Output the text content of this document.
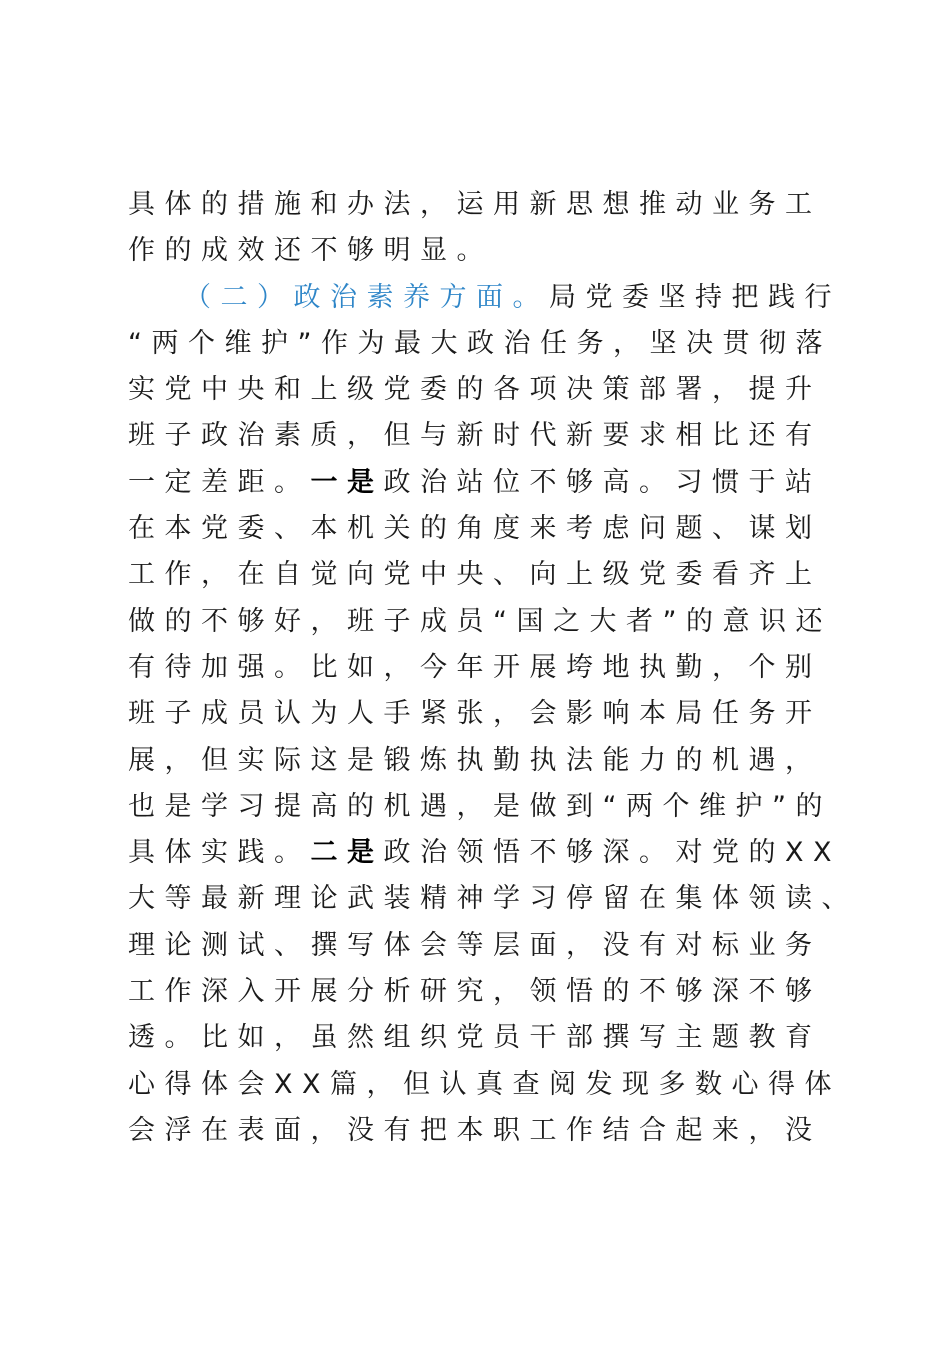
具体的措施和办法，运用新思想推动业务工
作的成效还不够明显。
（二）政治素养方面。局党委坚持把践行
“两个维护”作为最大政治任务，坚决贯彻落
实党中央和上级党委的各项决策部署，提升
班子政治素质，但与新时代新要求相比还有
一定差距。一是政治站位不够高。习惯于站
在本党委、本机关的角度来考虑问题、谋划
工作，在自觉向党中央、向上级党委看齐上
做的不够好，班子成员“国之大者”的意识还
有待加强。比如，今年开展垮地执勤，个别
班子成员认为人手紧张，会影响本局任务开
展，但实际这是锻炼执勤执法能力的机遇，
也是学习提高的机遇，是做到“两个维护”的
具体实践。二是政治领悟不够深。对党的XX
大等最新理论武装精神学习停留在集体领读、
理论测试、撰写体会等层面，没有对标业务
工作深入开展分析研究，领悟的不够深不够
透。比如，虽然组织党员干部撰写主题教育
心得体会XX篇，但认真查阅发现多数心得体
会浮在表面，没有把本职工作结合起来，没
